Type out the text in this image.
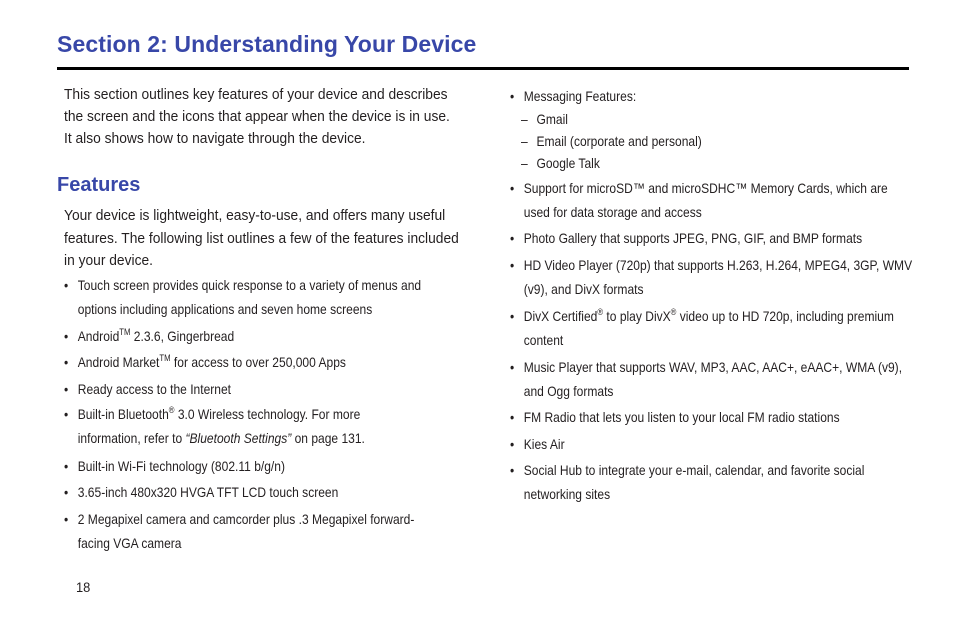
Section 2: Understanding Your Device

This section outlines key features of your device and describes the screen and the icons that appear when the device is in use. It also shows how to navigate through the device.

Features

Your device is lightweight, easy-to-use, and offers many useful features. The following list outlines a few of the features included in your device.

• Touch screen provides quick response to a variety of menus and options including applications and seven home screens
• Android™ 2.3.6, Gingerbread
• Android Market™ for access to over 250,000 Apps
• Ready access to the Internet
• Built-in Bluetooth® 3.0 Wireless technology. For more information, refer to “Bluetooth Settings” on page 131.
• Built-in Wi-Fi technology (802.11 b/g/n)
• 3.65-inch 480x320 HVGA TFT LCD touch screen
• 2 Megapixel camera and camcorder plus .3 Megapixel forward-facing VGA camera
• Messaging Features:
– Gmail
– Email (corporate and personal)
– Google Talk
• Support for microSD™ and microSDHC™ Memory Cards, which are used for data storage and access
• Photo Gallery that supports JPEG, PNG, GIF, and BMP formats
• HD Video Player (720p) that supports H.263, H.264, MPEG4, 3GP, WMV (v9), and DivX formats
• DivX Certified® to play DivX® video up to HD 720p, including premium content
• Music Player that supports WAV, MP3, AAC, AAC+, eAAC+, WMA (v9), and Ogg formats
• FM Radio that lets you listen to your local FM radio stations
• Kies Air
• Social Hub to integrate your e-mail, calendar, and favorite social networking sites
18
